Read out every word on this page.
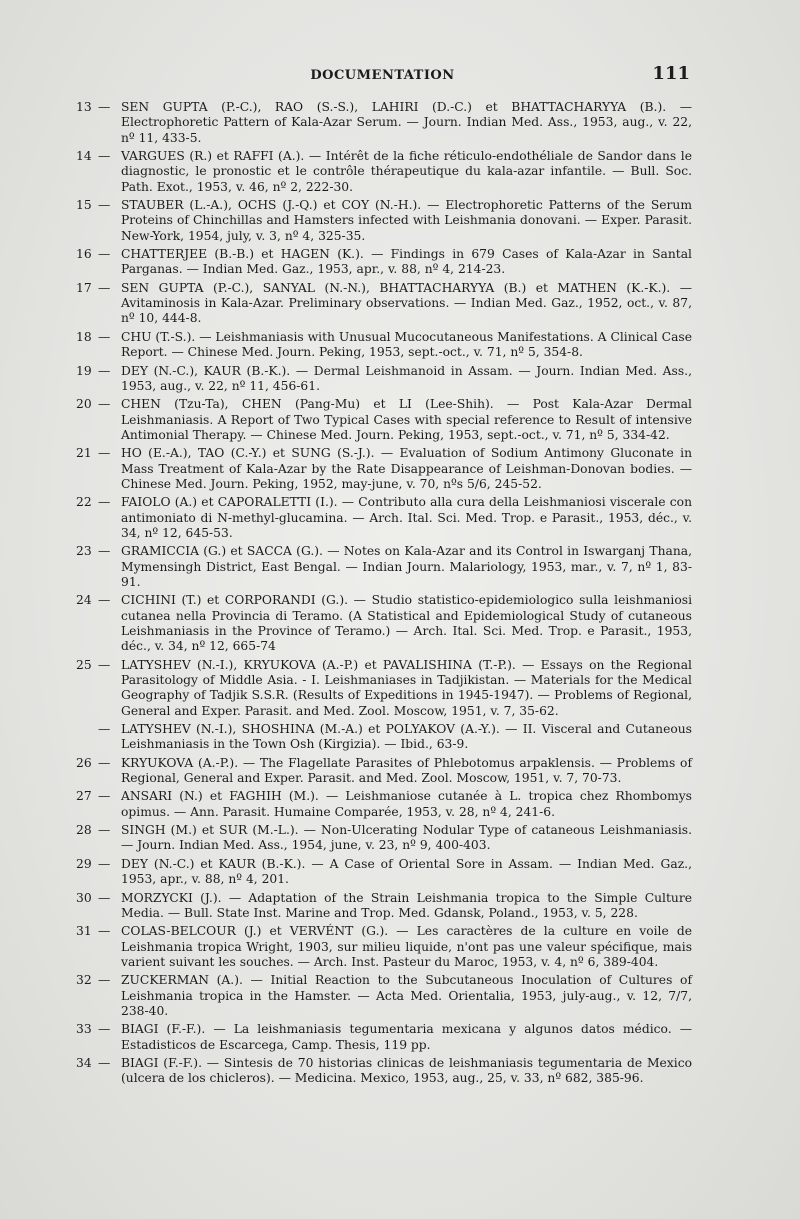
DOCUMENTATION	111
13 — SEN GUPTA (P.-C.), RAO (S.-S.), LAHIRI (D.-C.) et BHATTACHARYYA (B.). — Electrophoretic Pattern of Kala-Azar Serum. — Journ. Indian Med. Ass., 1953, aug., v. 22, nº 11, 433-5.
14 — VARGUES (R.) et RAFFI (A.). — Intérêt de la fiche réticulo-endothéliale de Sandor dans le diagnostic, le pronostic et le contrôle thérapeutique du kala-azar infantile. — Bull. Soc. Path. Exot., 1953, v. 46, nº 2, 222-30.
15 — STAUBER (L.-A.), OCHS (J.-Q.) et COY (N.-H.). — Electrophoretic Patterns of the Serum Proteins of Chinchillas and Hamsters infected with Leishmania donovani. — Exper. Parasit. New-York, 1954, july, v. 3, nº 4, 325-35.
16 — CHATTERJEE (B.-B.) et HAGEN (K.). — Findings in 679 Cases of Kala-Azar in Santal Parganas. — Indian Med. Gaz., 1953, apr., v. 88, nº 4, 214-23.
17 — SEN GUPTA (P.-C.), SANYAL (N.-N.), BHATTACHARYYA (B.) et MATHEN (K.-K.). — Avitaminosis in Kala-Azar. Preliminary observations. — Indian Med. Gaz., 1952, oct., v. 87, nº 10, 444-8.
18 — CHU (T.-S.). — Leishmaniasis with Unusual Mucocutaneous Manifestations. A Clinical Case Report. — Chinese Med. Journ. Peking, 1953, sept.-oct., v. 71, nº 5, 354-8.
19 — DEY (N.-C.), KAUR (B.-K.). — Dermal Leishmanoid in Assam. — Journ. Indian Med. Ass., 1953, aug., v. 22, nº 11, 456-61.
20 — CHEN (Tzu-Ta), CHEN (Pang-Mu) et LI (Lee-Shih). — Post Kala-Azar Dermal Leishmaniasis. A Report of Two Typical Cases with special reference to Result of intensive Antimonial Therapy. — Chinese Med. Journ. Peking, 1953, sept.-oct., v. 71, nº 5, 334-42.
21 — HO (E.-A.), TAO (C.-Y.) et SUNG (S.-J.). — Evaluation of Sodium Antimony Gluconate in Mass Treatment of Kala-Azar by the Rate Disappearance of Leishman-Donovan bodies. — Chinese Med. Journ. Peking, 1952, may-june, v. 70, nºs 5/6, 245-52.
22 — FAIOLO (A.) et CAPORALETTI (I.). — Contributo alla cura della Leishmaniosi viscerale con antimoniato di N-methyl-glucamina. — Arch. Ital. Sci. Med. Trop. e Parasit., 1953, déc., v. 34, nº 12, 645-53.
23 — GRAMICCIA (G.) et SACCA (G.). — Notes on Kala-Azar and its Control in Iswarganj Thana, Mymensingh District, East Bengal. — Indian Journ. Malariology, 1953, mar., v. 7, nº 1, 83-91.
24 — CICHINI (T.) et CORPORANDI (G.). — Studio statistico-epidemiologico sulla leishmaniosi cutanea nella Provincia di Teramo. (A Statistical and Epidemiological Study of cutaneous Leishmaniasis in the Province of Teramo.) — Arch. Ital. Sci. Med. Trop. e Parasit., 1953, déc., v. 34, nº 12, 665-74
25 — LATYSHEV (N.-I.), KRYUKOVA (A.-P.) et PAVALISHINA (T.-P.). — Essays on the Regional Parasitology of Middle Asia. - I. Leishmaniases in Tadjikistan. — Materials for the Medical Geography of Tadjik S.S.R. (Results of Expeditions in 1945-1947). — Problems of Regional, General and Exper. Parasit. and Med. Zool. Moscow, 1951, v. 7, 35-62.
— LATYSHEV (N.-I.), SHOSHINA (M.-A.) et POLYAKOV (A.-Y.). — II. Visceral and Cutaneous Leishmaniasis in the Town Osh (Kirgizia). — Ibid., 63-9.
26 — KRYUKOVA (A.-P.). — The Flagellate Parasites of Phlebotomus arpaklensis. — Problems of Regional, General and Exper. Parasit. and Med. Zool. Moscow, 1951, v. 7, 70-73.
27 — ANSARI (N.) et FAGHIH (M.). — Leishmaniose cutanée à L. tropica chez Rhombomys opimus. — Ann. Parasit. Humaine Comparée, 1953, v. 28, nº 4, 241-6.
28 — SINGH (M.) et SUR (M.-L.). — Non-Ulcerating Nodular Type of cataneous Leishmaniasis. — Journ. Indian Med. Ass., 1954, june, v. 23, nº 9, 400-403.
29 — DEY (N.-C.) et KAUR (B.-K.). — A Case of Oriental Sore in Assam. — Indian Med. Gaz., 1953, apr., v. 88, nº 4, 201.
30 — MORZYCKI (J.). — Adaptation of the Strain Leishmania tropica to the Simple Culture Media. — Bull. State Inst. Marine and Trop. Med. Gdansk, Poland., 1953, v. 5, 228.
31 — COLAS-BELCOUR (J.) et VERVÉNT (G.). — Les caractères de la culture en voile de Leishmania tropica Wright, 1903, sur milieu liquide, n'ont pas une valeur spécifique, mais varient suivant les souches. — Arch. Inst. Pasteur du Maroc, 1953, v. 4, nº 6, 389-404.
32 — ZUCKERMAN (A.). — Initial Reaction to the Subcutaneous Inoculation of Cultures of Leishmania tropica in the Hamster. — Acta Med. Orientalia, 1953, july-aug., v. 12, 7/7, 238-40.
33 — BIAGI (F.-F.). — La leishmaniasis tegumentaria mexicana y algunos datos médico. — Estadisticos de Escarcega, Camp. Thesis, 119 pp.
34 — BIAGI (F.-F.). — Sintesis de 70 historias clinicas de leishmaniasis tegumentaria de Mexico (ulcera de los chicleros). — Medicina. Mexico, 1953, aug., 25, v. 33, nº 682, 385-96.
